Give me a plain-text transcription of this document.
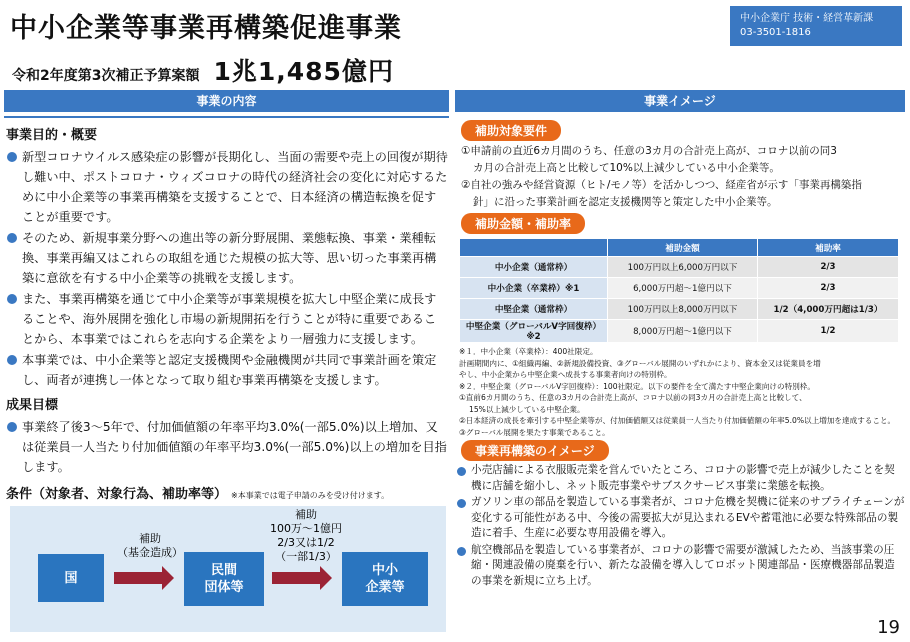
中小企業等事業再構築促進事業
令和2年度第3次補正予算案額 1兆1,485億円
中小企業庁 技術・経営革新課
03-3501-1816
事業の内容	事業イメージ
事業目的・概要
新型コロナウイルス感染症の影響が長期化し、当面の需要や売上の回復が期待し難い中、ポストコロナ・ウィズコロナの時代の経済社会の変化に対応するために中小企業等の事業再構築を支援することで、日本経済の構造転換を促すことが重要です。
そのため、新規事業分野への進出等の新分野展開、業態転換、事業・業種転換、事業再編又はこれらの取組を通じた規模の拡大等、思い切った事業再構築に意欲を有する中小企業等の挑戦を支援します。
また、事業再構築を通じて中小企業等が事業規模を拡大し中堅企業に成長することや、海外展開を強化し市場の新規開拓を行うことが特に重要であることから、本事業ではこれらを志向する企業をより一層強力に支援します。
本事業では、中小企業等と認定支援機関や金融機関が共同で事業計画を策定し、両者が連携し一体となって取り組む事業再構築を支援します。
成果目標
事業終了後3～5年で、付加価値額の年率平均3.0%(一部5.0%)以上増加、又は従業員一人当たり付加価値額の年率平均3.0%(一部5.0%)以上の増加を目指します。
条件（対象者、対象行為、補助率等） ※本事業では電子申請のみを受け付けます。
国
補助
（基金造成）
民間
団体等
補助
100万～1億円
2/3又は1/2
（一部1/3）
中小
企業等
補助対象要件
①申請前の直近6カ月間のうち、任意の3カ月の合計売上高が、コロナ以前の同3
カ月の合計売上高と比較して10%以上減少している中小企業等。
②自社の強みや経営資源（ヒト/モノ等）を活かしつつ、経産省が示す「事業再構築指
針」に沿った事業計画を認定支援機関等と策定した中小企業等。
補助金額・補助率
	補助金額	補助率
中小企業（通常枠）	100万円以上6,000万円以下	2/3
中小企業（卒業枠）※1	6,000万円超～1億円以下	2/3
中堅企業（通常枠）	100万円以上8,000万円以下	1/2（4,000万円超は1/3）
中堅企業（グローバルV字回復枠）※2	8,000万円超～1億円以下	1/2
※１．中小企業（卒業枠）：400社限定。
計画期間内に、①組織再編、②新規設備投資、③グローバル展開のいずれかにより、資本金又は従業員を増
やし、中小企業から中堅企業へ成長する事業者向けの特別枠。
※２．中堅企業（グローバルV字回復枠）：100社限定。以下の要件を全て満たす中堅企業向けの特別枠。
①直前6カ月間のうち、任意の3カ月の合計売上高が、コロナ以前の同3カ月の合計売上高と比較して、
15%以上減少している中堅企業。
②日本経済の成長を牽引する中堅企業等が、付加価値額又は従業員一人当たり付加価値額の年率5.0%以上増加を達成すること。
③グローバル展開を果たす事業であること。
事業再構築のイメージ
小売店舗による衣服販売業を営んでいたところ、コロナの影響で売上が減少したことを契機に店舗を縮小し、ネット販売事業やサブスクサービス事業に業態を転換。
ガソリン車の部品を製造している事業者が、コロナ危機を契機に従来のサプライチェーンが変化する可能性がある中、今後の需要拡大が見込まれるEVや蓄電池に必要な特殊部品の製造に着手、生産に必要な専用設備を導入。
航空機部品を製造している事業者が、コロナの影響で需要が激減したため、当該事業の圧縮・関連設備の廃棄を行い、新たな設備を導入してロボット関連部品・医療機器部品製造の事業を新規に立ち上げ。
19
